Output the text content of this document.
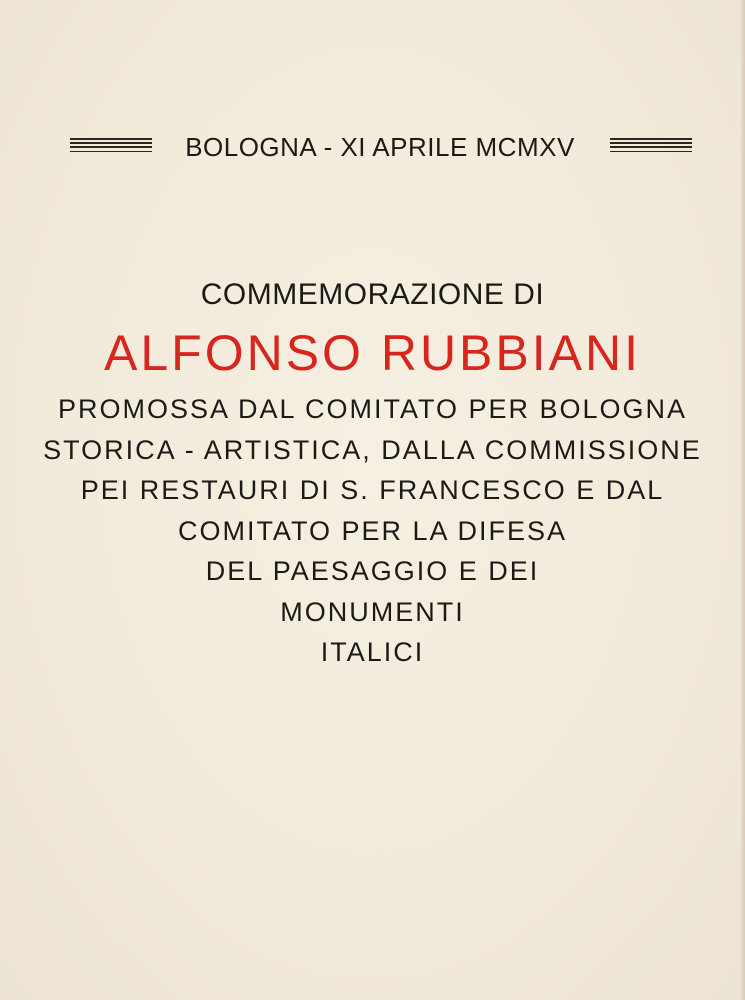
BOLOGNA - XI APRILE MCMXV
COMMEMORAZIONE DI
ALFONSO RUBBIANI
PROMOSSA DAL COMITATO PER BOLOGNA
STORICA - ARTISTICA, DALLA COMMISSIONE
PEI RESTAURI DI S. FRANCESCO E DAL
COMITATO PER LA DIFESA
DEL PAESAGGIO E DEI
MONUMENTI
ITALICI
